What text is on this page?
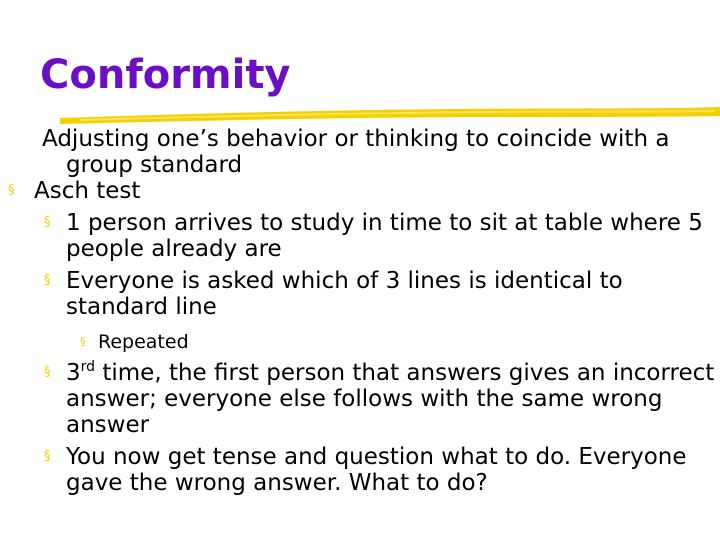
Conformity

Adjusting one’s behavior or thinking to coincide with a group standard

§ Asch test

§ 1 person arrives to study in time to sit at table where 5 people already are

§ Everyone is asked which of 3 lines is identical to standard line

§ Repeated

§ 3rd time, the first person that answers gives an incorrect answer; everyone else follows with the same wrong answer

§ You now get tense and question what to do. Everyone gave the wrong answer. What to do?
